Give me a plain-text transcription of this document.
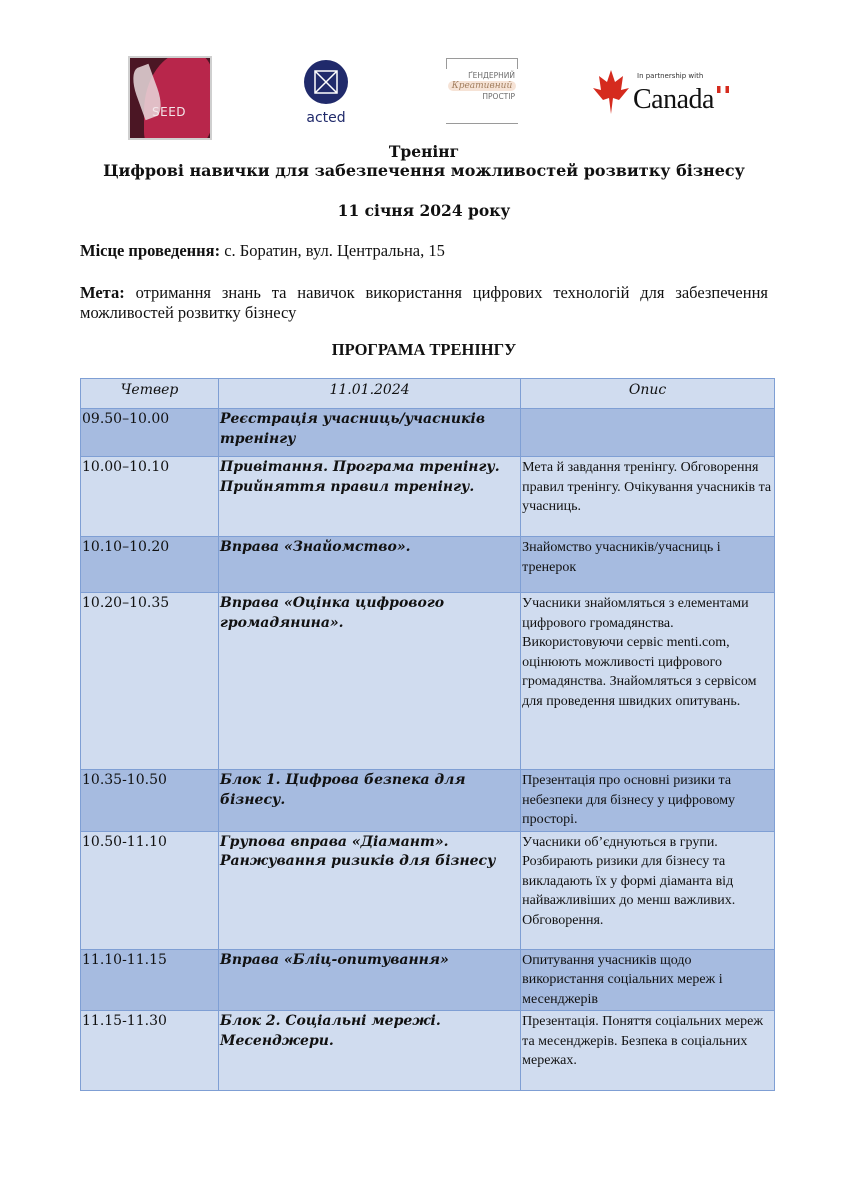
SEED	acted
ҐЕНДЕРНИЙ
Креативний
ПРОСТІР
In partnership with
Canada
Тренінг
Цифрові навички для забезпечення можливостей розвитку бізнесу
11 січня 2024 року
Місце проведення: с. Боратин, вул. Центральна, 15
Мета: отримання знань та навичок використання цифрових технологій для забезпечення можливостей розвитку бізнесу
ПРОГРАМА ТРЕНІНГУ
Четвер	11.01.2024	Опис
09.50–10.00	Реєстрація учасниць/учасників тренінгу	
10.00–10.10	Привітання. Програма тренінгу. Прийняття правил тренінгу.	Мета й завдання тренінгу. Обговорення правил тренінгу. Очікування учасників та учасниць.
10.10–10.20	Вправа «Знайомство».	Знайомство учасників/учасниць і тренерок
10.20–10.35	Вправа «Оцінка цифрового громадянина».	Учасники знайомляться з елементами цифрового громадянства. Використовуючи сервіс menti.com, оцінюють можливості цифрового громадянства. Знайомляться з сервісом для проведення швидких опитувань.
10.35-10.50	Блок 1. Цифрова безпека для бізнесу.	Презентація про основні ризики та небезпеки для бізнесу у цифровому просторі.
10.50-11.10	Групова вправа «Діамант». Ранжування ризиків для бізнесу	Учасники об’єднуються в групи. Розбирають ризики для бізнесу та викладають їх у формі діаманта від найважливіших до менш важливих. Обговорення.
11.10-11.15	Вправа «Бліц-опитування»	Опитування учасників щодо використання соціальних мереж і месенджерів
11.15-11.30	Блок 2. Соціальні мережі. Месенджери.	Презентація. Поняття соціальних мереж та месенджерів. Безпека в соціальних мережах.
